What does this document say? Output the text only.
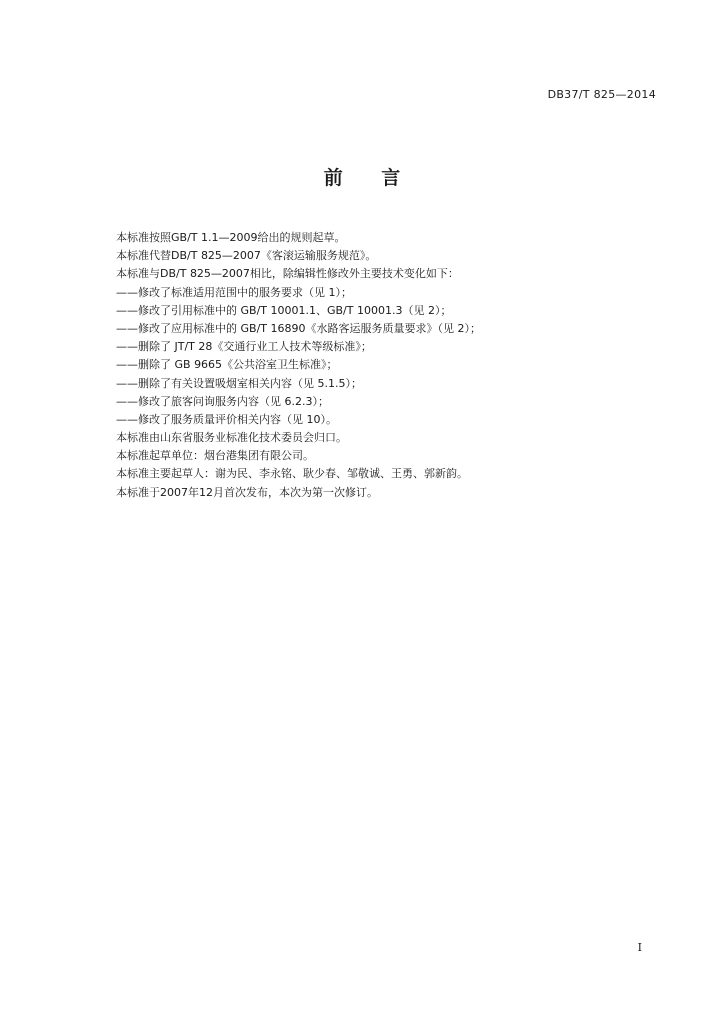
DB37/T 825—2014
前 言
本标准按照GB/T 1.1—2009给出的规则起草。
本标准代替DB/T 825—2007《客滚运输服务规范》。
本标准与DB/T 825—2007相比，除编辑性修改外主要技术变化如下：
——修改了标准适用范围中的服务要求（见 1）；
——修改了引用标准中的 GB/T 10001.1、GB/T 10001.3（见 2）；
——修改了应用标准中的 GB/T 16890《水路客运服务质量要求》（见 2）；
——删除了 JT/T 28《交通行业工人技术等级标准》；
——删除了 GB 9665《公共浴室卫生标准》；
——删除了有关设置吸烟室相关内容（见 5.1.5）；
——修改了旅客问询服务内容（见 6.2.3）；
——修改了服务质量评价相关内容（见 10）。
本标准由山东省服务业标准化技术委员会归口。
本标准起草单位：烟台港集团有限公司。
本标准主要起草人：谢为民、李永铭、耿少春、邹敬诚、王勇、郭新韵。
本标准于2007年12月首次发布，本次为第一次修订。
I
